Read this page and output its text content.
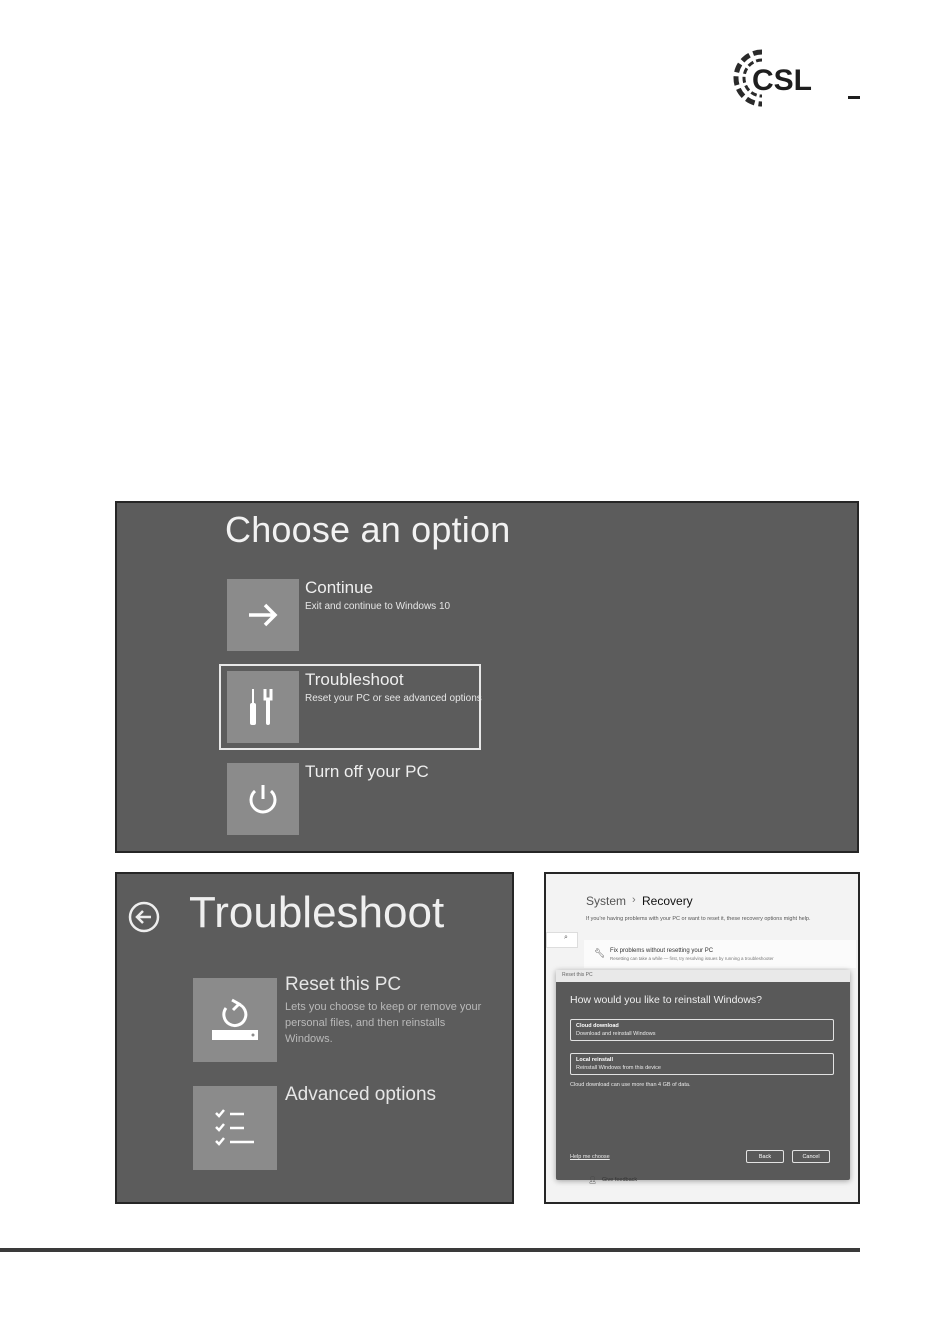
CSL
Choose an option
Continue
Exit and continue to Windows 10
Troubleshoot
Reset your PC or see advanced options
Turn off your PC
Troubleshoot
Reset this PC
Lets you choose to keep or remove your personal files, and then reinstalls Windows.
Advanced options
System › Recovery
If you're having problems with your PC or want to reset it, these recovery options might help.
⌕
🔧︎ Fix problems without resetting your PC
Resetting can take a while — first, try resolving issues by running a troubleshooter
Reset this PC
How would you like to reinstall Windows?
Cloud download
Download and reinstall Windows
Local reinstall
Reinstall Windows from this device
Cloud download can use more than 4 GB of data.
Help me choose	Back	Cancel
👤︎ Give feedback
